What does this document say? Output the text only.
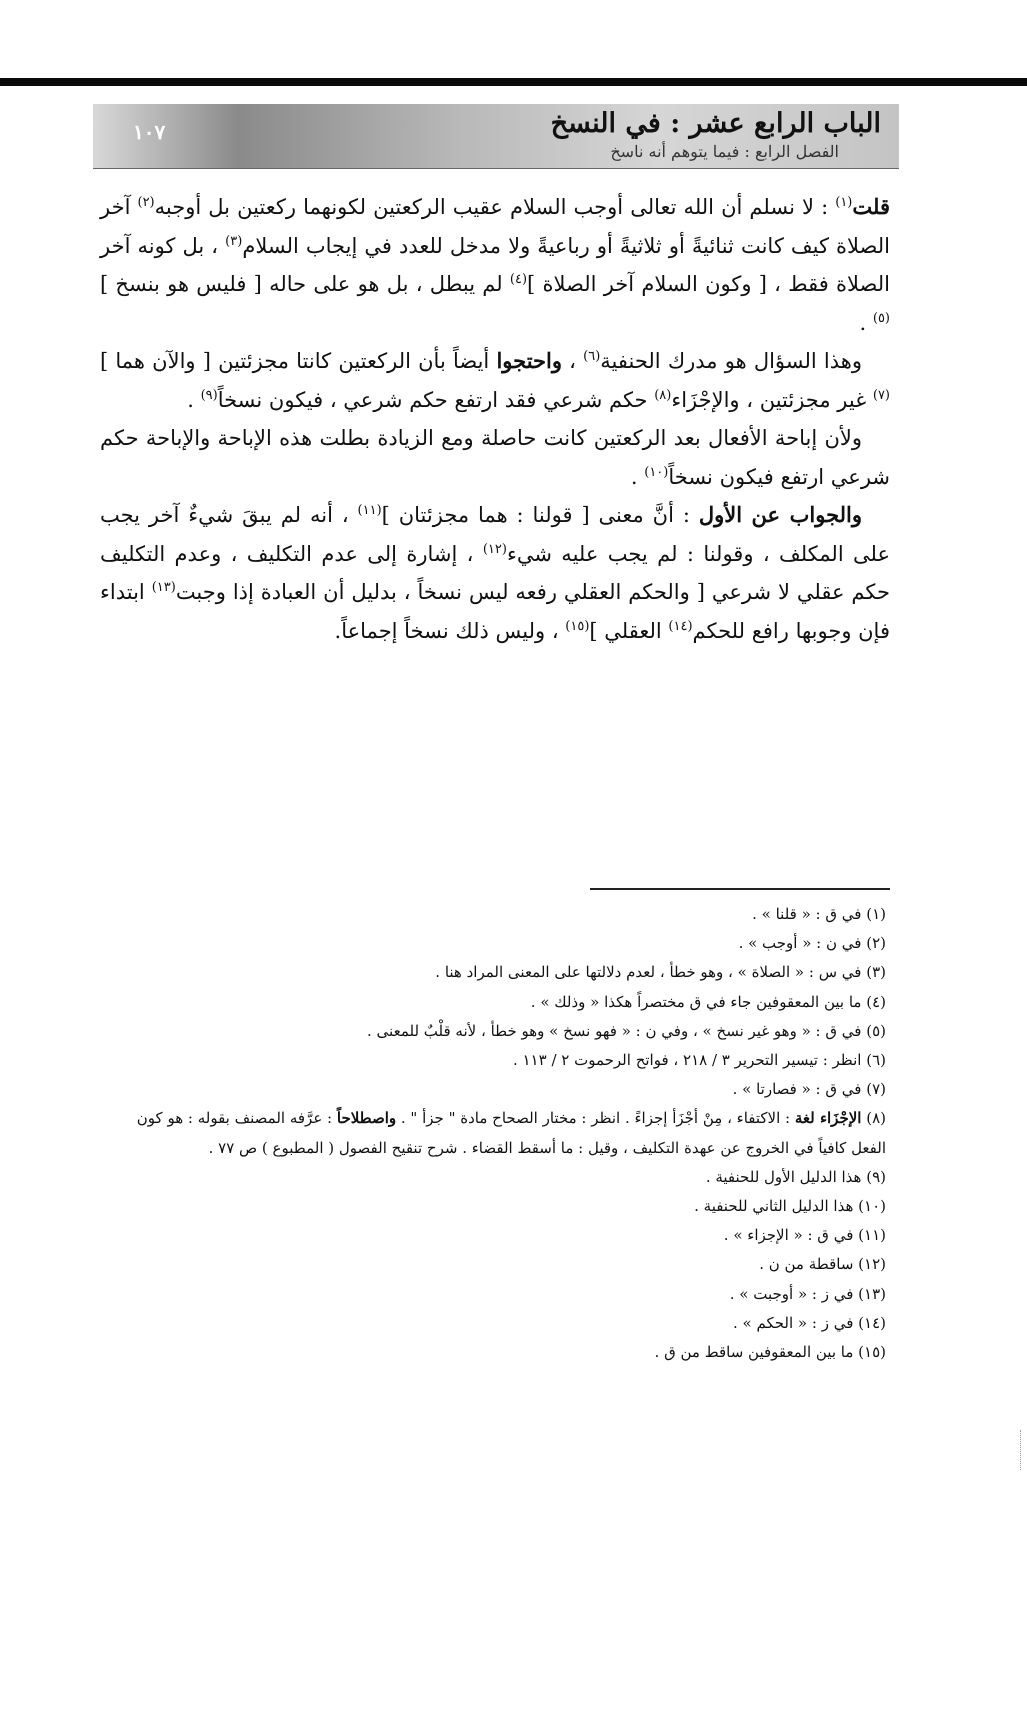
الباب الرابع عشر : في النسخ
الفصل الرابع : فيما يتوهم أنه ناسخ
١٠٧

قلت$^{(١)}$ : لا نسلم أن الله تعالى أوجب السلام عقيب الركعتين لكونهما ركعتين بل أوجبه$^{(٢)}$ آخر الصلاة كيف كانت ثنائيةً أو ثلاثيةً أو رباعيةً ولا مدخل للعدد في إيجاب السلام$^{(٣)}$ ، بل كونه آخر الصلاة فقط ، [ وكون السلام آخر الصلاة ]$^{(٤)}$ لم يبطل ، بل هو على حاله [ فليس هو بنسخ ]$^{(٥)}$ .

وهذا السؤال هو مدرك الحنفية$^{(٦)}$ ، واحتجوا أيضاً بأن الركعتين كانتا مجزئتين [ والآن هما ]$^{(٧)}$ غير مجزئتين ، والإجْزَاء$^{(٨)}$ حكم شرعي فقد ارتفع حكم شرعي ، فيكون نسخاً$^{(٩)}$ .

ولأن إباحة الأفعال بعد الركعتين كانت حاصلة ومع الزيادة بطلت هذه الإباحة والإباحة حكم شرعي ارتفع فيكون نسخاً$^{(١٠)}$ .

والجواب عن الأول : أنَّ معنى [ قولنا : هما مجزئتان ]$^{(١١)}$ ، أنه لم يبقَ شيءٌ آخر يجب على المكلف ، وقولنا : لم يجب عليه شيء$^{(١٢)}$ ، إشارة إلى عدم التكليف ، وعدم التكليف حكم عقلي لا شرعي [ والحكم العقلي رفعه ليس نسخاً ، بدليل أن العبادة إذا وجبت$^{(١٣)}$ ابتداء فإن وجوبها رافع للحكم$^{(١٤)}$ العقلي ]$^{(١٥)}$ ، وليس ذلك نسخاً إجماعاً.

(١) في ق : « قلنا » .
(٢) في ن : « أوجب » .
(٣) في س : « الصلاة » ، وهو خطأ ، لعدم دلالتها على المعنى المراد هنا .
(٤) ما بين المعقوفين جاء في ق مختصراً هكذا « وذلك » .
(٥) في ق : « وهو غير نسخ » ، وفي ن : « فهو نسخ » وهو خطأ ، لأنه قلْبٌ للمعنى .
(٦) انظر : تيسير التحرير ٣ / ٢١٨ ، فواتح الرحموت ٢ / ١١٣ .
(٧) في ق : « فصارتا » .
(٨) الإجْزَاء لغة : الاكتفاء ، مِنْ أجْزَأ إجزاءً . انظر : مختار الصحاح مادة " جزأ " . واصطلاحاً : عرَّفه المصنف بقوله : هو كون الفعل كافياً في الخروج عن عهدة التكليف ، وقيل : ما أسقط القضاء . شرح تنقيح الفصول ( المطبوع ) ص ٧٧ .
(٩) هذا الدليل الأول للحنفية .
(١٠) هذا الدليل الثاني للحنفية .
(١١) في ق : « الإجزاء » .
(١٢) ساقطة من ن .
(١٣) في ز : « أوجبت » .
(١٤) في ز : « الحكم » .
(١٥) ما بين المعقوفين ساقط من ق .
